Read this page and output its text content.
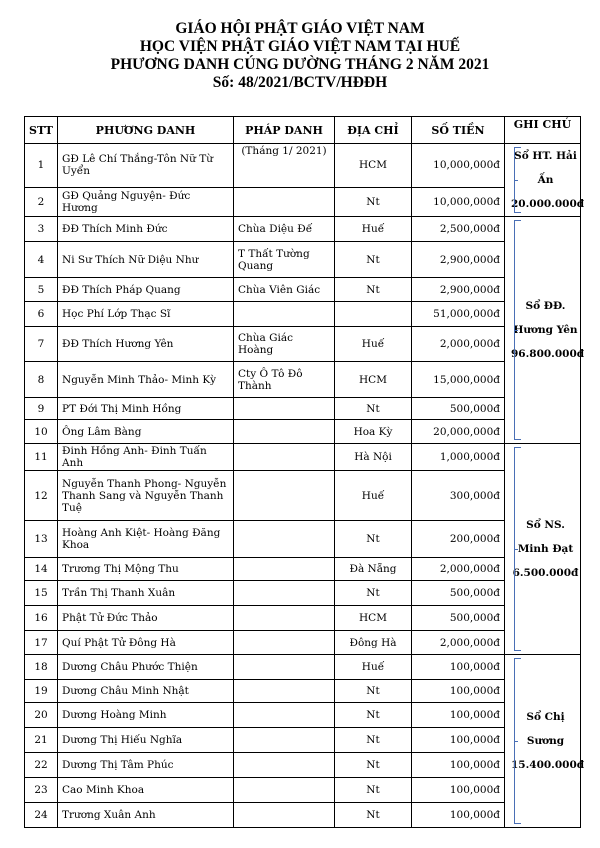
GIÁO HỘI PHẬT GIÁO VIỆT NAM
HỌC VIỆN PHẬT GIÁO VIỆT NAM TẠI HUẾ
PHƯƠNG DANH CÚNG DƯỜNG THÁNG 2 NĂM 2021
Số: 48/2021/BCTV/HĐĐH
STT	PHƯƠNG DANH	PHÁP DANH	ĐỊA CHỈ	SỐ TIỀN	GHI CHÚ
1	GĐ Lê Chí Thắng-Tôn Nữ Từ Uyển	(Tháng 1/ 2021)	HCM	10,000,000đ	Sổ HT. Hải Ấn
20.000.000đ

2	GĐ Quảng Nguyện- Đức Hương		Nt	10,000,000đ	
3	ĐĐ Thích Minh Đức	Chùa Diệu Đế	Huế	2,500,000đ	Sổ ĐĐ. Hương Yên
96.800.000đ

4	Ni Sư Thích Nữ Diệu Như	T Thất Tường Quang	Nt	2,900,000đ	
5	ĐĐ Thích Pháp Quang	Chùa Viên Giác	Nt	2,900,000đ	
6	Học Phí Lớp Thạc Sĩ			51,000,000đ	
7	ĐĐ Thích Hương Yên	Chùa Giác Hoàng	Huế	2,000,000đ	
8	Nguyễn Minh Thảo- Minh Kỳ	Cty Ô Tô Đô Thành	HCM	15,000,000đ	
9	PT Đới Thị Minh Hồng		Nt	500,000đ	
10	Ông Lâm Bàng		Hoa Kỳ	20,000,000đ	
11	Đinh Hồng Anh- Đinh Tuấn Anh		Hà Nội	1,000,000đ	Sổ NS. Minh Đạt
6.500.000đ

12	Nguyễn Thanh Phong- Nguyễn Thanh Sang và Nguyễn Thanh Tuệ		Huế	300,000đ	
13	Hoàng Anh Kiệt- Hoàng Đăng Khoa		Nt	200,000đ	
14	Trương Thị Mộng Thu		Đà Nẵng	2,000,000đ	
15	Trần Thị Thanh Xuân		Nt	500,000đ	
16	Phật Tử Đức Thảo		HCM	500,000đ	
17	Quí Phật Tử Đông Hà		Đông Hà	2,000,000đ	
18	Dương Châu Phước Thiện		Huế	100,000đ	Sổ Chị Sương
15.400.000đ

19	Dương Châu Minh Nhật		Nt	100,000đ	
20	Dương Hoàng Minh		Nt	100,000đ	
21	Dương Thị Hiếu Nghĩa		Nt	100,000đ	
22	Dương Thị Tâm Phúc		Nt	100,000đ	
23	Cao Minh Khoa		Nt	100,000đ	
24	Trương Xuân Anh		Nt	100,000đ	
